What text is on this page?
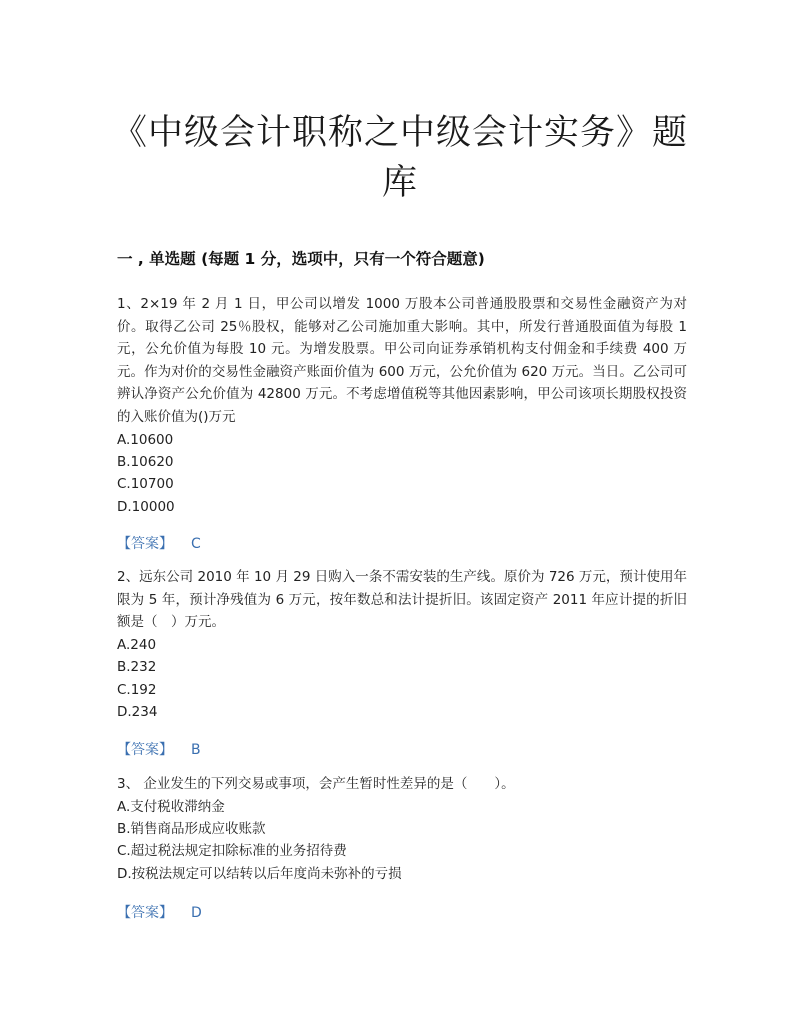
《中级会计职称之中级会计实务》题库
一 , 单选题 (每题 1 分，选项中，只有一个符合题意)

1、2×19 年 2 月 1 日，甲公司以增发 1000 万股本公司普通股股票和交易性金融资产为对价。取得乙公司 25％股权，能够对乙公司施加重大影响。其中，所发行普通股面值为每股 1 元，公允价值为每股 10 元。为增发股票。甲公司向证券承销机构支付佣金和手续费 400 万元。作为对价的交易性金融资产账面价值为 600 万元，公允价值为 620 万元。当日。乙公司可辨认净资产公允价值为 42800 万元。不考虑增值税等其他因素影响，甲公司该项长期股权投资的入账价值为()万元

A.10600

B.10620

C.10700

D.10000

【答案】 C

2、远东公司 2010 年 10 月 29 日购入一条不需安装的生产线。原价为 726 万元，预计使用年限为 5 年，预计净残值为 6 万元，按年数总和法计提折旧。该固定资产 2011 年应计提的折旧额是（　）万元。

A.240

B.232

C.192

D.234

【答案】 B

3、 企业发生的下列交易或事项，会产生暂时性差异的是（　　）。

A.支付税收滞纳金

B.销售商品形成应收账款

C.超过税法规定扣除标准的业务招待费

D.按税法规定可以结转以后年度尚未弥补的亏损

【答案】 D
